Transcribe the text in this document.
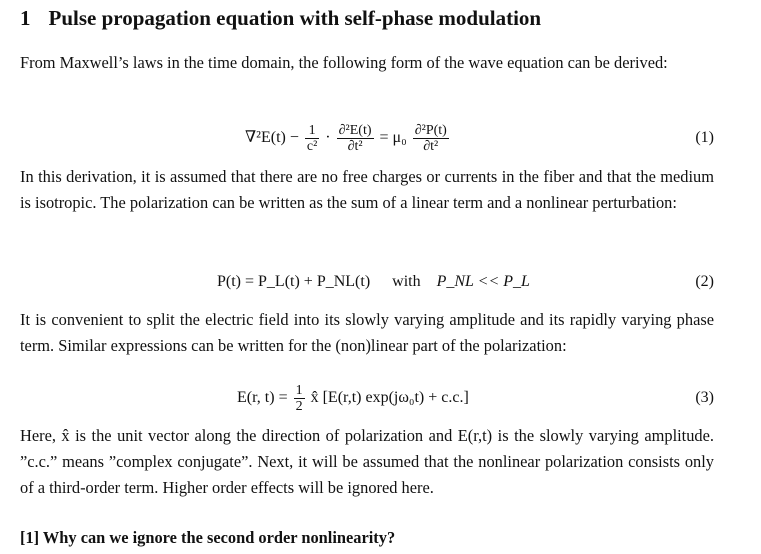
1 Pulse propagation equation with self-phase modulation
From Maxwell’s laws in the time domain, the following form of the wave equation can be derived:
$\nabla^2E(t) - \frac{1}{\text{c²}} \cdot \frac{\text{∂²E(t)}}{\text{∂t²}} = \mu_0 \frac{\text{∂²P(t)}}{\text{∂t²}}$	(1)
In this derivation, it is assumed that there are no free charges or currents in the fiber and that the medium is isotropic. The polarization can be written as the sum of a linear term and a nonlinear perturbation:
P(t) = P_L(t) + P_NL(t) with P_NL << P_L	(2)
It is convenient to split the electric field into its slowly varying amplitude and its rapidly varying phase term. Similar expressions can be written for the (non)linear part of the polarization:
E(r, $t) = \frac{1}{2}$ x̂ [E(r,t) exp(jω₀t) + c.c.]	(3)
Here, x̂ is the unit vector along the direction of polarization and E(r,t) is the slowly varying amplitude. ”c.c.” means ”complex conjugate”. Next, it will be assumed that the nonlinear polarization consists only of a third-order term. Higher order effects will be ignored here.
[1] Why can we ignore the second order nonlinearity?
